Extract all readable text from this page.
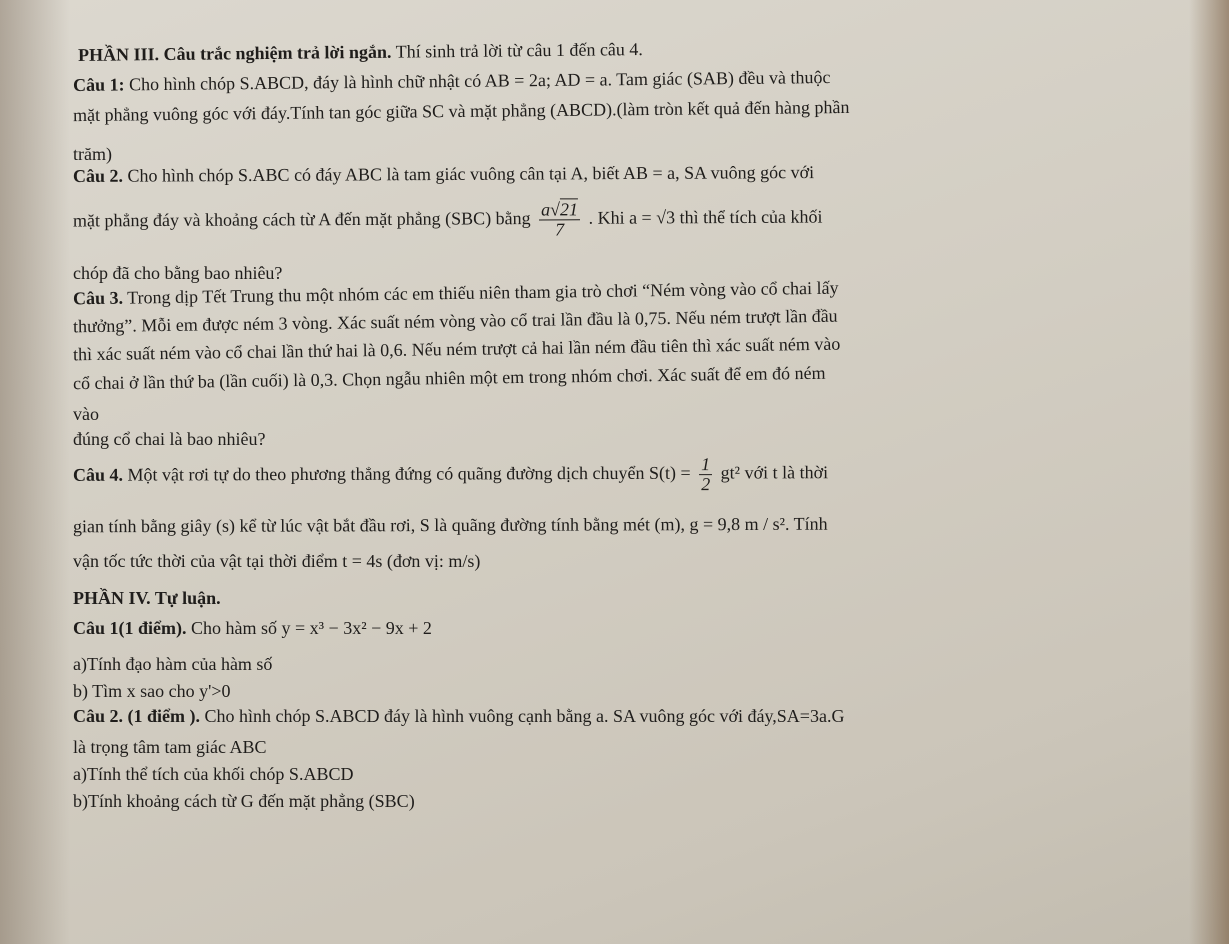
PHẦN III. Câu trắc nghiệm trả lời ngắn. Thí sinh trả lời từ câu 1 đến câu 4.
Câu 1: Cho hình chóp S.ABCD, đáy là hình chữ nhật có AB = 2a; AD = a. Tam giác (SAB) đều và thuộc
mặt phẳng vuông góc với đáy.Tính tan góc giữa SC và mặt phẳng (ABCD).(làm tròn kết quả đến hàng phần
trăm)
Câu 2. Cho hình chóp S.ABC có đáy ABC là tam giác vuông cân tại A, biết AB = a, SA vuông góc với
mặt phẳng đáy và khoảng cách từ A đến mặt phẳng (SBC) bằng $\frac{a√21}{7}$ . Khi a = √3 thì thể tích của khối
chóp đã cho bằng bao nhiêu?
Câu 3. Trong dịp Tết Trung thu một nhóm các em thiếu niên tham gia trò chơi “Ném vòng vào cổ chai lấy
thưởng”. Mỗi em được ném 3 vòng. Xác suất ném vòng vào cổ trai lần đầu là 0,75. Nếu ném trượt lần đầu
thì xác suất ném vào cổ chai lần thứ hai là 0,6. Nếu ném trượt cả hai lần ném đầu tiên thì xác suất ném vào
cổ chai ở lần thứ ba (lần cuối) là 0,3. Chọn ngẫu nhiên một em trong nhóm chơi. Xác suất để em đó ném
vào
đúng cổ chai là bao nhiêu?
Câu 4. Một vật rơi tự do theo phương thẳng đứng có quãng đường dịch chuyển $S(t) = \frac{1}{2} gt^2$ với t là thời
gian tính bằng giây (s) kể từ lúc vật bắt đầu rơi, S là quãng đường tính bằng mét (m), g = 9,8 m / s². Tính
vận tốc tức thời của vật tại thời điểm t = 4s (đơn vị: m/s)
PHẦN IV. Tự luận.
Câu 1(1 điểm). Cho hàm số y = x³ − 3x² − 9x + 2
a)Tính đạo hàm của hàm số
b) Tìm x sao cho y'>0
Câu 2. (1 điểm ). Cho hình chóp S.ABCD đáy là hình vuông cạnh bằng a. SA vuông góc với đáy,SA=3a.G
là trọng tâm tam giác ABC
a)Tính thể tích của khối chóp S.ABCD
b)Tính khoảng cách từ G đến mặt phẳng (SBC)
